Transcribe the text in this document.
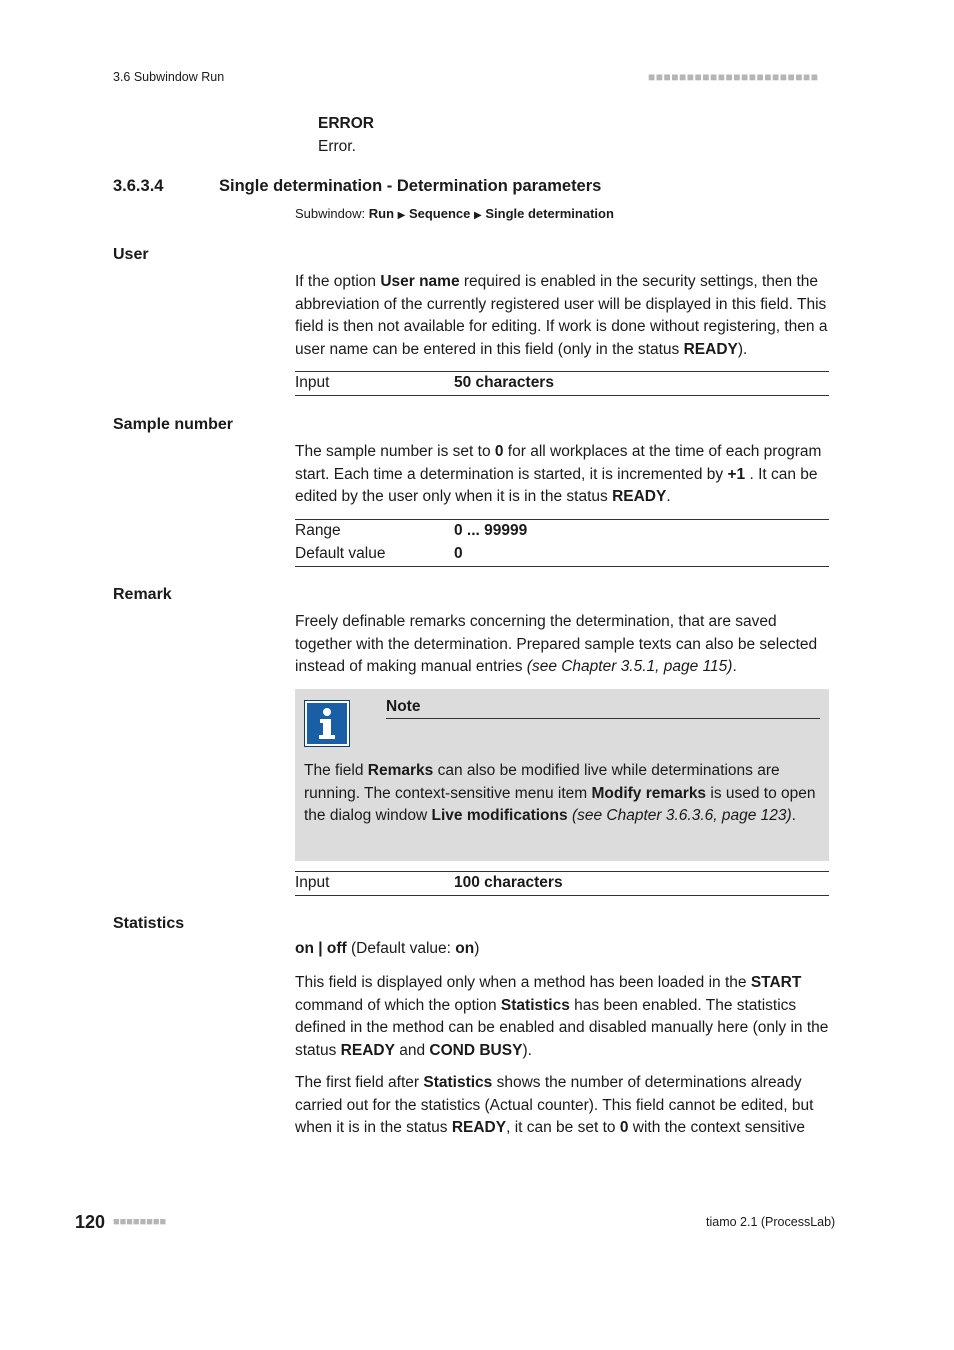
3.6 Subwindow Run	■■■■■■■■■■■■■■■■■■■■■■
ERROR
Error.
3.6.3.4	Single determination - Determination parameters
Subwindow: Run ▶ Sequence ▶ Single determination
User
If the option User name required is enabled in the security settings, then the abbreviation of the currently registered user will be displayed in this field. This field is then not available for editing. If work is done without registering, then a user name can be entered in this field (only in the status READY).
Input	50 characters
Sample number
The sample number is set to 0 for all workplaces at the time of each program start. Each time a determination is started, it is incremented by +1 . It can be edited by the user only when it is in the status READY.
Range	0 ... 99999
Default value	0
Remark
Freely definable remarks concerning the determination, that are saved together with the determination. Prepared sample texts can also be selected instead of making manual entries (see Chapter 3.5.1, page 115).
Note
The field Remarks can also be modified live while determinations are running. The context-sensitive menu item Modify remarks is used to open the dialog window Live modifications (see Chapter 3.6.3.6, page 123).
Input	100 characters
Statistics
on | off (Default value: on)
This field is displayed only when a method has been loaded in the START command of which the option Statistics has been enabled. The statistics defined in the method can be enabled and disabled manually here (only in the status READY and COND BUSY).
The first field after Statistics shows the number of determinations already carried out for the statistics (Actual counter). This field cannot be edited, but when it is in the status READY, it can be set to 0 with the context sensitive
120 ■■■■■■■■	tiamo 2.1 (ProcessLab)
